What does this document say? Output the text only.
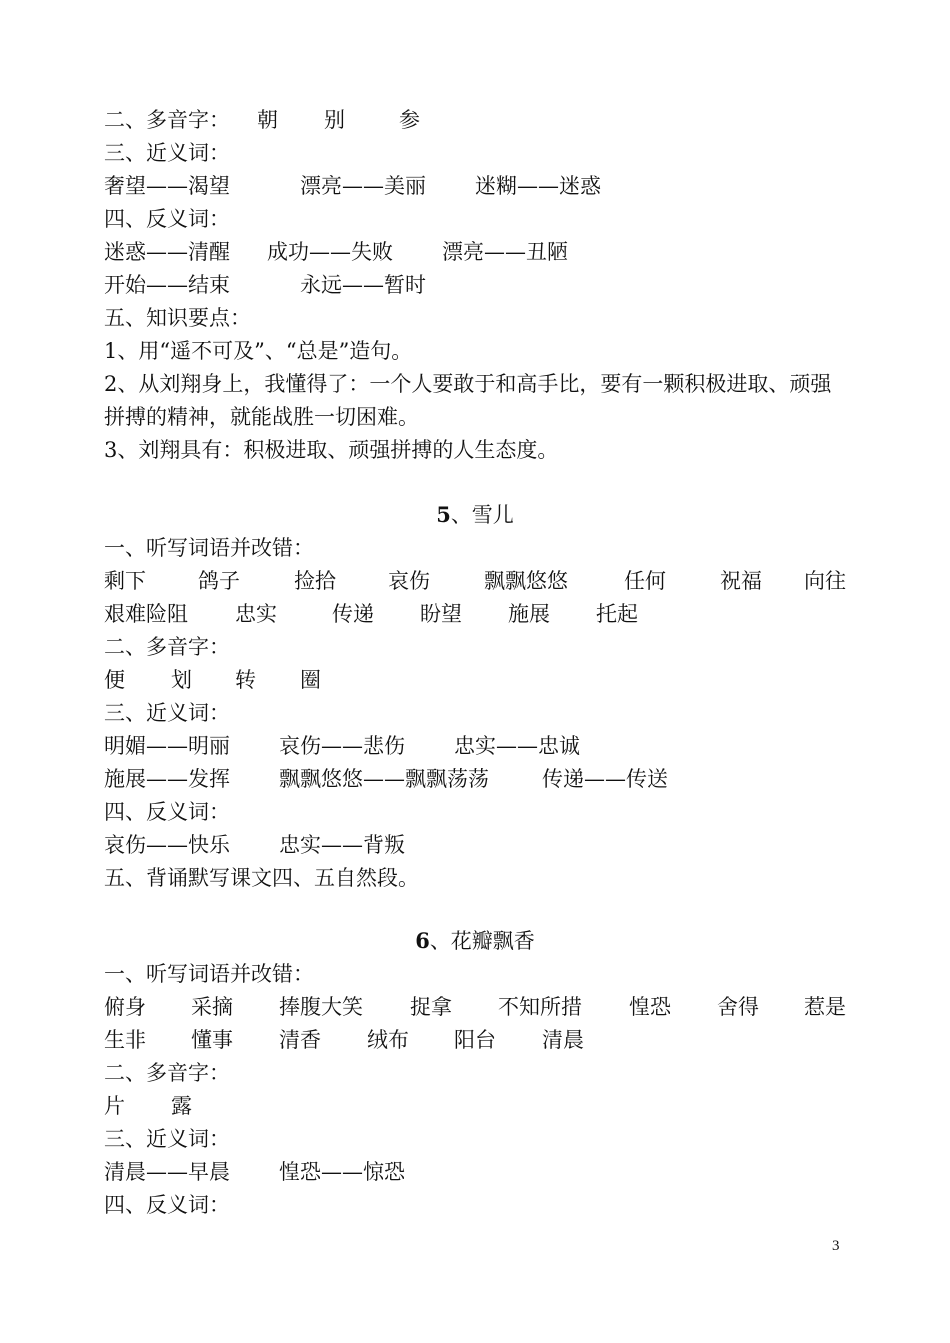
二、多音字： 朝 别	参
三、近义词：
奢望——渴望	漂亮——美丽 迷糊——迷惑
四、反义词：
迷惑——清醒 成功——失败 漂亮——丑陋
开始——结束	永远——暂时
五、知识要点：
1、用“遥不可及”、“总是”造句。
2、从刘翔身上，我懂得了：一个人要敢于和高手比，要有一颗积极进取、顽强
拼搏的精神，就能战胜一切困难。
3、刘翔具有：积极进取、顽强拼搏的人生态度。
5、雪儿
一、听写词语并改错：
剩下 鸽子	捡拾 哀伤	飘飘悠悠	任何	祝福 向往
艰难险阻 忠实	传递 盼望 施展 托起
二、多音字：
便 划 转 圈
三、近义词：
明媚——明丽 哀伤——悲伤 忠实——忠诚
施展——发挥 飘飘悠悠——飘飘荡荡	传递——传送
四、反义词：
哀伤——快乐 忠实——背叛
五、背诵默写课文四、五自然段。
6、花瓣飘香
一、听写词语并改错：
俯身 采摘 捧腹大笑 捉拿 不知所措 惶恐 舍得 惹是
生非 懂事 清香 绒布 阳台 清晨
二、多音字：
片 露
三、近义词：
清晨——早晨 惶恐——惊恐
四、反义词：
3
